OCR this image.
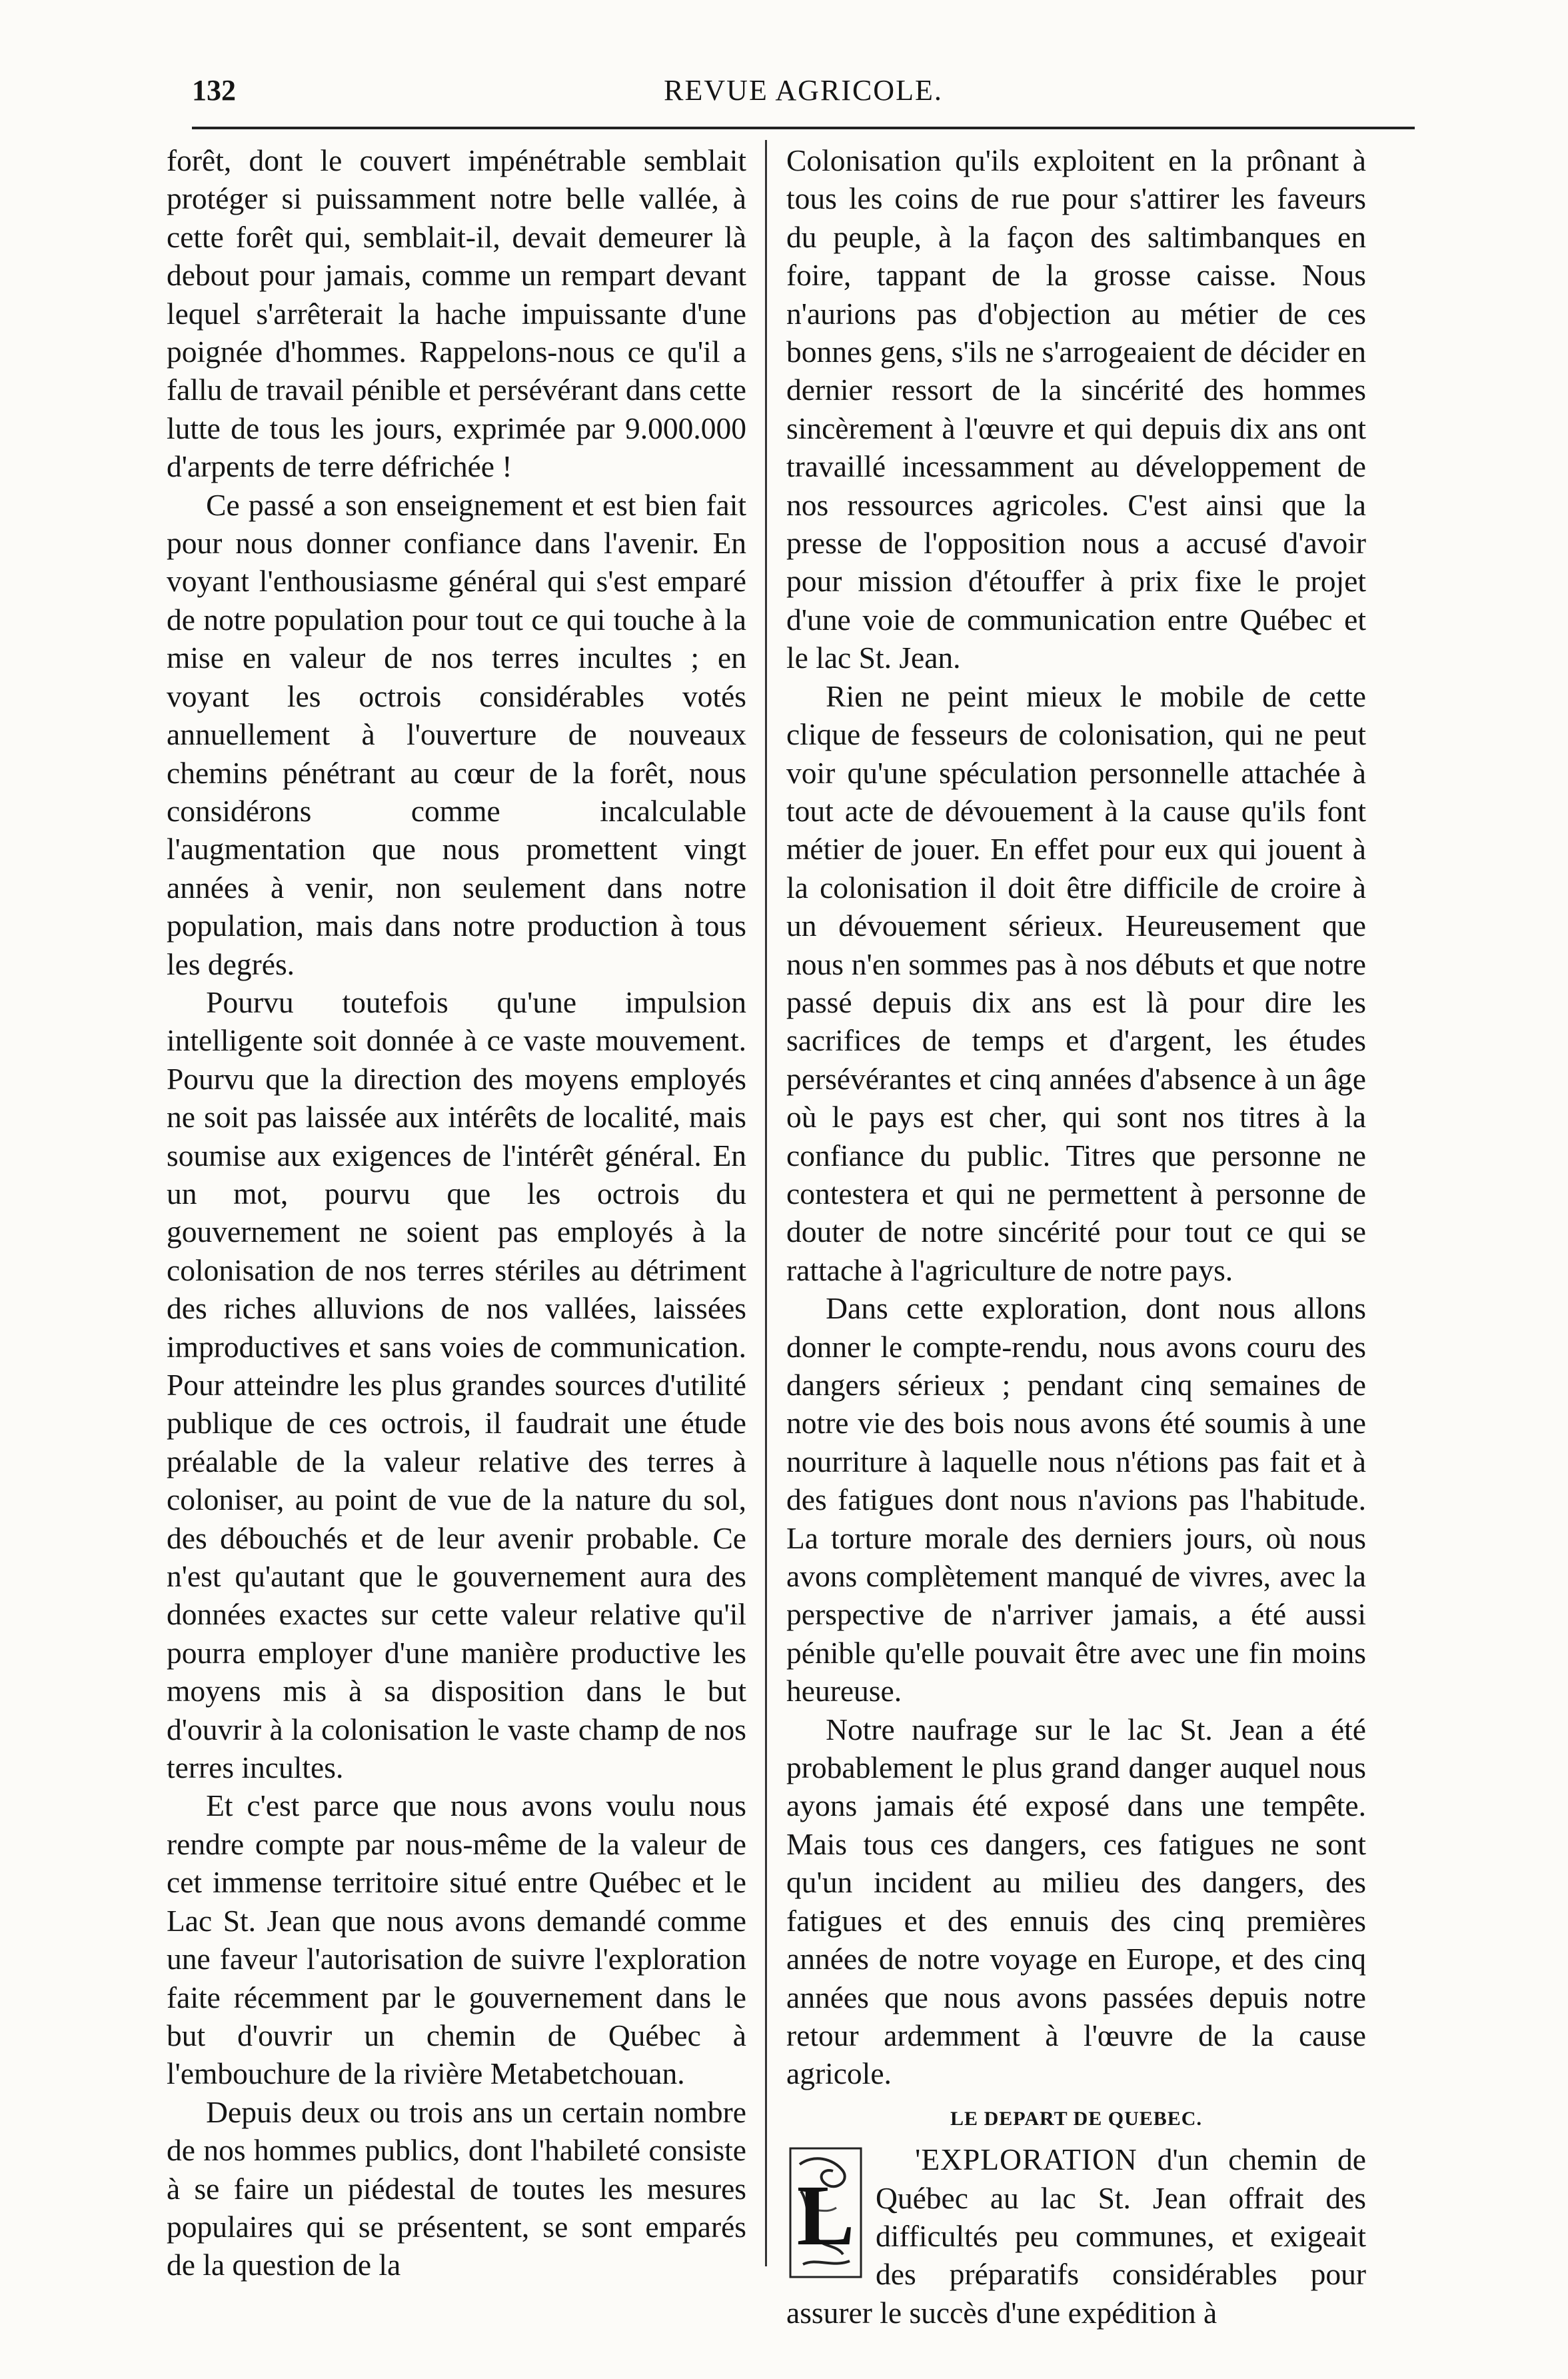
132	REVUE AGRICOLE.

forêt, dont le couvert impénétrable semblait protéger si puissamment notre belle vallée, à cette forêt qui, semblait-il, devait demeurer là debout pour jamais, comme un rempart devant lequel s'arrêterait la hache impuissante d'une poignée d'hommes. Rappelons-nous ce qu'il a fallu de travail pénible et persévérant dans cette lutte de tous les jours, exprimée par 9.000.000 d'arpents de terre défrichée !

Ce passé a son enseignement et est bien fait pour nous donner confiance dans l'avenir. En voyant l'enthousiasme général qui s'est emparé de notre population pour tout ce qui touche à la mise en valeur de nos terres incultes ; en voyant les octrois considérables votés annuellement à l'ouverture de nouveaux chemins pénétrant au cœur de la forêt, nous considérons comme incalculable l'augmentation que nous promettent vingt années à venir, non seulement dans notre population, mais dans notre production à tous les degrés.

Pourvu toutefois qu'une impulsion intelligente soit donnée à ce vaste mouvement. Pourvu que la direction des moyens employés ne soit pas laissée aux intérêts de localité, mais soumise aux exigences de l'intérêt général. En un mot, pourvu que les octrois du gouvernement ne soient pas employés à la colonisation de nos terres stériles au détriment des riches alluvions de nos vallées, laissées improductives et sans voies de communication. Pour atteindre les plus grandes sources d'utilité publique de ces octrois, il faudrait une étude préalable de la valeur relative des terres à coloniser, au point de vue de la nature du sol, des débouchés et de leur avenir probable. Ce n'est qu'autant que le gouvernement aura des données exactes sur cette valeur relative qu'il pourra employer d'une manière productive les moyens mis à sa disposition dans le but d'ouvrir à la colonisation le vaste champ de nos terres incultes.

Et c'est parce que nous avons voulu nous rendre compte par nous-même de la valeur de cet immense territoire situé entre Québec et le Lac St. Jean que nous avons demandé comme une faveur l'autorisation de suivre l'exploration faite récemment par le gouvernement dans le but d'ouvrir un chemin de Québec à l'embouchure de la rivière Metabetchouan.

Depuis deux ou trois ans un certain nombre de nos hommes publics, dont l'habileté consiste à se faire un piédestal de toutes les mesures populaires qui se présentent, se sont emparés de la question de la

Colonisation qu'ils exploitent en la prônant à tous les coins de rue pour s'attirer les faveurs du peuple, à la façon des saltimbanques en foire, tappant de la grosse caisse. Nous n'aurions pas d'objection au métier de ces bonnes gens, s'ils ne s'arrogeaient de décider en dernier ressort de la sincérité des hommes sincèrement à l'œuvre et qui depuis dix ans ont travaillé incessamment au développement de nos ressources agricoles. C'est ainsi que la presse de l'opposition nous a accusé d'avoir pour mission d'étouffer à prix fixe le projet d'une voie de communication entre Québec et le lac St. Jean.

Rien ne peint mieux le mobile de cette clique de fesseurs de colonisation, qui ne peut voir qu'une spéculation personnelle attachée à tout acte de dévouement à la cause qu'ils font métier de jouer. En effet pour eux qui jouent à la colonisation il doit être difficile de croire à un dévouement sérieux. Heureusement que nous n'en sommes pas à nos débuts et que notre passé depuis dix ans est là pour dire les sacrifices de temps et d'argent, les études persévérantes et cinq années d'absence à un âge où le pays est cher, qui sont nos titres à la confiance du public. Titres que personne ne contestera et qui ne permettent à personne de douter de notre sincérité pour tout ce qui se rattache à l'agriculture de notre pays.

Dans cette exploration, dont nous allons donner le compte-rendu, nous avons couru des dangers sérieux ; pendant cinq semaines de notre vie des bois nous avons été soumis à une nourriture à laquelle nous n'étions pas fait et à des fatigues dont nous n'avions pas l'habitude. La torture morale des derniers jours, où nous avons complètement manqué de vivres, avec la perspective de n'arriver jamais, a été aussi pénible qu'elle pouvait être avec une fin moins heureuse.

Notre naufrage sur le lac St. Jean a été probablement le plus grand danger auquel nous ayons jamais été exposé dans une tempête. Mais tous ces dangers, ces fatigues ne sont qu'un incident au milieu des dangers, des fatigues et des ennuis des cinq premières années de notre voyage en Europe, et des cinq années que nous avons passées depuis notre retour ardemment à l'œuvre de la cause agricole.

LE DEPART DE QUEBEC.

L
'EXPLORATION d'un chemin de Québec au lac St. Jean offrait des difficultés peu communes, et exigeait des préparatifs considérables pour assurer le succès d'une expédition à
